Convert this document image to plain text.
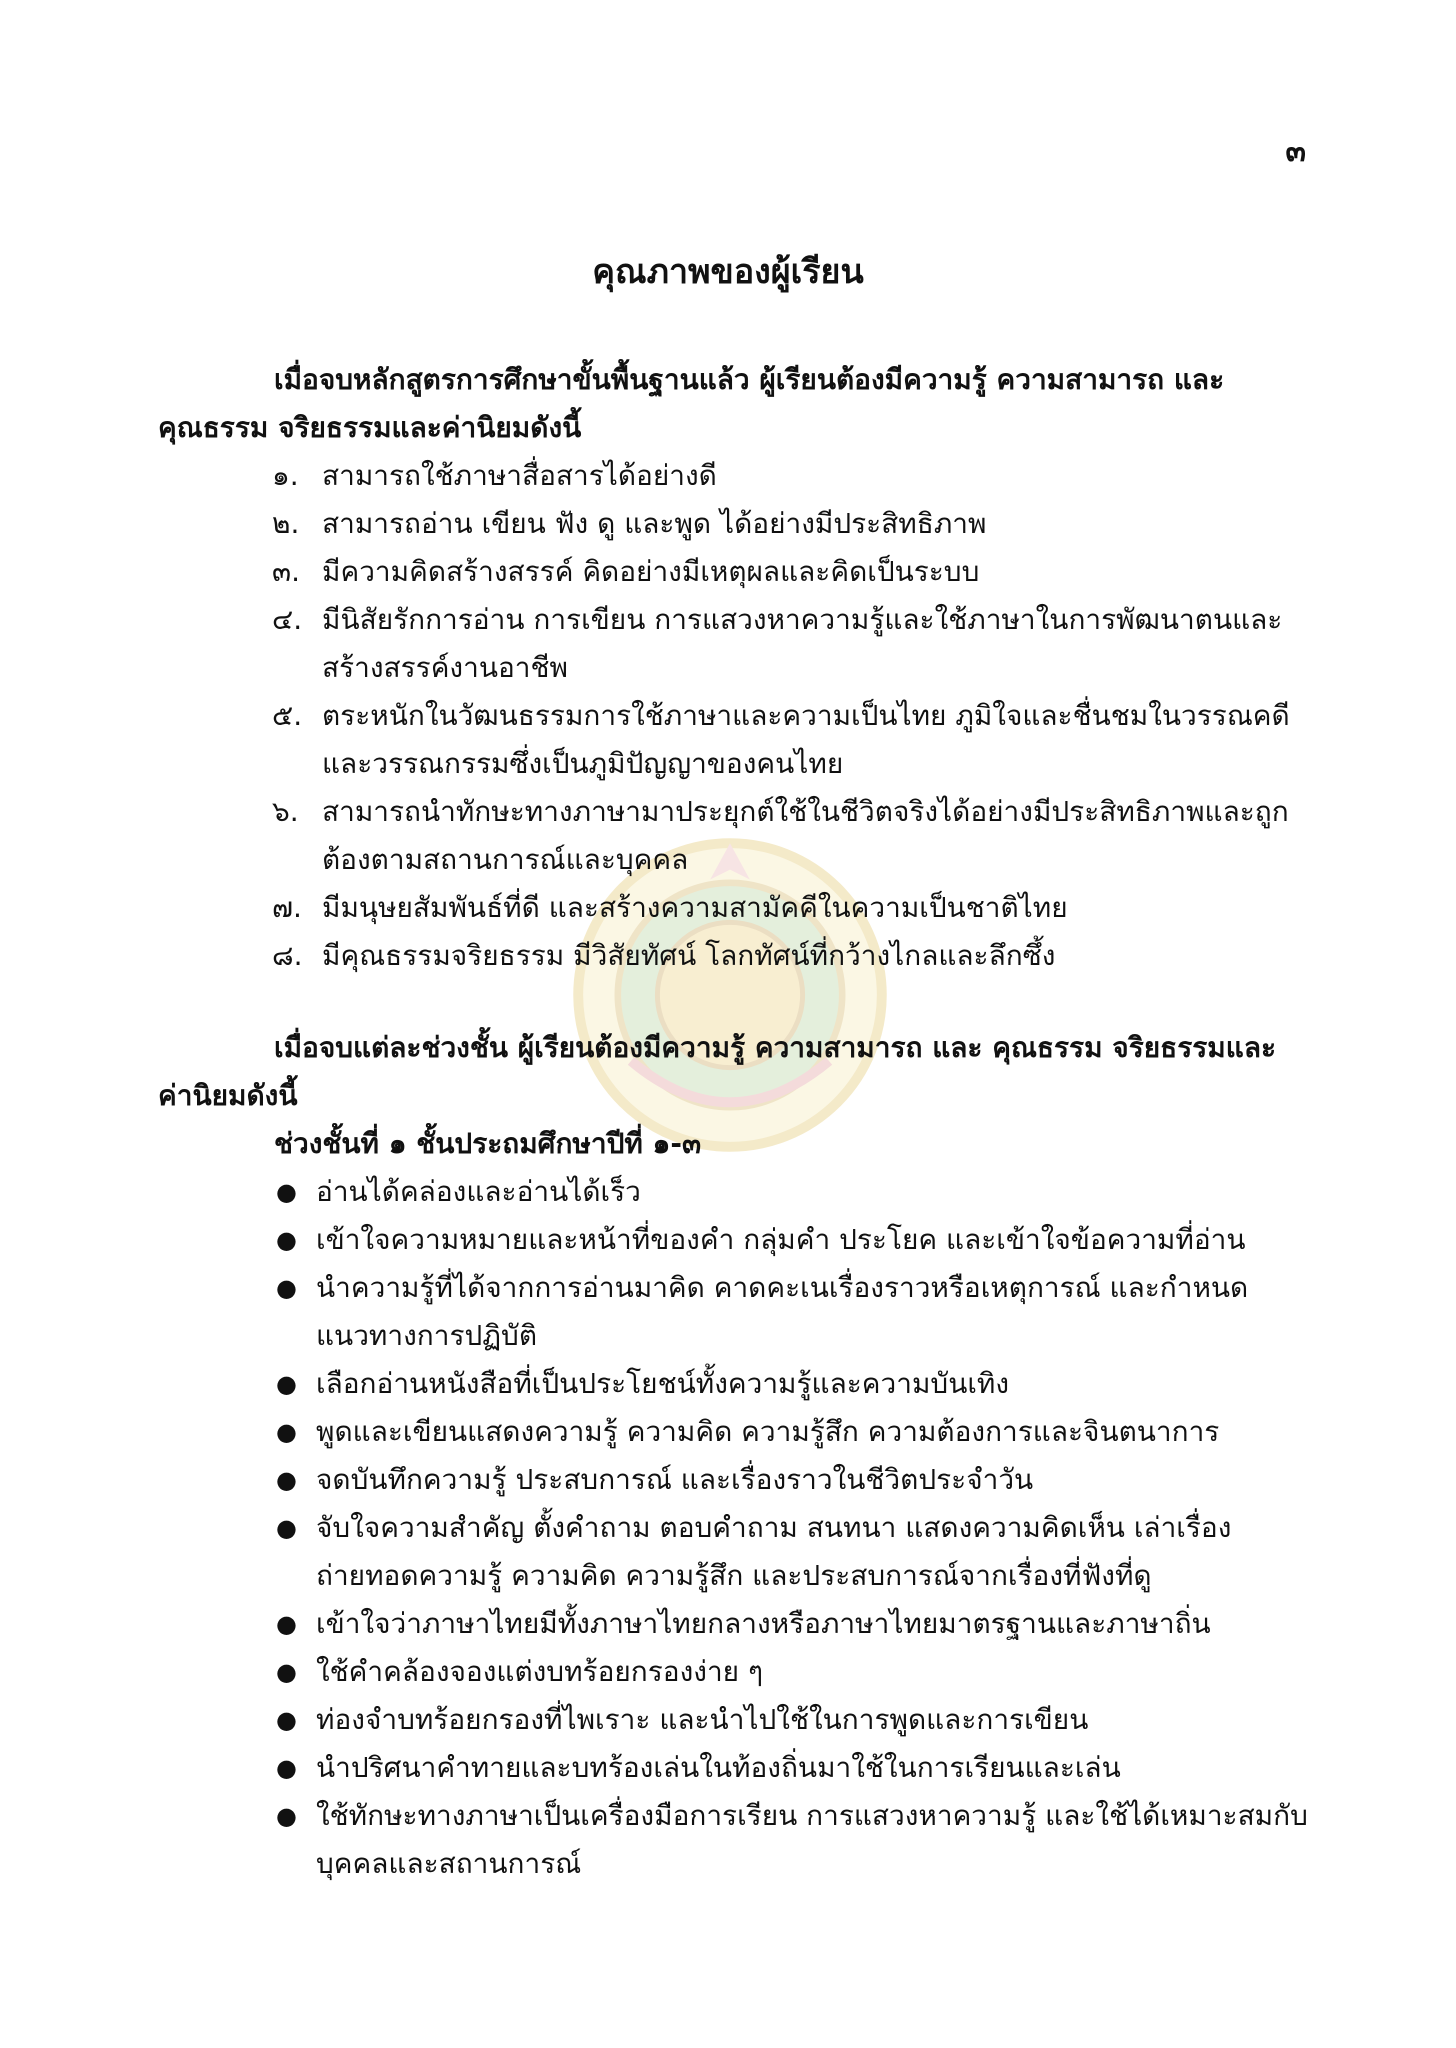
๓
คุณภาพของผู้เรียน

เมื่อจบหลักสูตรการศึกษาขั้นพื้นฐานแล้ว ผู้เรียนต้องมีความรู้ ความสามารถ และคุณธรรม จริยธรรมและค่านิยมดังนี้

๑. สามารถใช้ภาษาสื่อสารได้อย่างดี
๒. สามารถอ่าน เขียน ฟัง ดู และพูด ได้อย่างมีประสิทธิภาพ
๓. มีความคิดสร้างสรรค์ คิดอย่างมีเหตุผลและคิดเป็นระบบ
๔. มีนิสัยรักการอ่าน การเขียน การแสวงหาความรู้และใช้ภาษาในการพัฒนาตนและสร้างสรรค์งานอาชีพ
๕. ตระหนักในวัฒนธรรมการใช้ภาษาและความเป็นไทย ภูมิใจและชื่นชมในวรรณคดีและวรรณกรรมซึ่งเป็นภูมิปัญญาของคนไทย
๖. สามารถนำทักษะทางภาษามาประยุกต์ใช้ในชีวิตจริงได้อย่างมีประสิทธิภาพและถูกต้องตามสถานการณ์และบุคคล
๗. มีมนุษยสัมพันธ์ที่ดี และสร้างความสามัคคีในความเป็นชาติไทย
๘. มีคุณธรรมจริยธรรม มีวิสัยทัศน์ โลกทัศน์ที่กว้างไกลและลึกซึ้ง

เมื่อจบแต่ละช่วงชั้น ผู้เรียนต้องมีความรู้ ความสามารถ และ คุณธรรม จริยธรรมและค่านิยมดังนี้

ช่วงชั้นที่ ๑ ชั้นประถมศึกษาปีที่ ๑-๓

● อ่านได้คล่องและอ่านได้เร็ว
● เข้าใจความหมายและหน้าที่ของคำ กลุ่มคำ ประโยค และเข้าใจข้อความที่อ่าน
● นำความรู้ที่ได้จากการอ่านมาคิด คาดคะเนเรื่องราวหรือเหตุการณ์ และกำหนดแนวทางการปฏิบัติ
● เลือกอ่านหนังสือที่เป็นประโยชน์ทั้งความรู้และความบันเทิง
● พูดและเขียนแสดงความรู้ ความคิด ความรู้สึก ความต้องการและจินตนาการ
● จดบันทึกความรู้ ประสบการณ์ และเรื่องราวในชีวิตประจำวัน
● จับใจความสำคัญ ตั้งคำถาม ตอบคำถาม สนทนา แสดงความคิดเห็น เล่าเรื่องถ่ายทอดความรู้ ความคิด ความรู้สึก และประสบการณ์จากเรื่องที่ฟังที่ดู
● เข้าใจว่าภาษาไทยมีทั้งภาษาไทยกลางหรือภาษาไทยมาตรฐานและภาษาถิ่น
● ใช้คำคล้องจองแต่งบทร้อยกรองง่าย ๆ
● ท่องจำบทร้อยกรองที่ไพเราะ และนำไปใช้ในการพูดและการเขียน
● นำปริศนาคำทายและบทร้องเล่นในท้องถิ่นมาใช้ในการเรียนและเล่น
● ใช้ทักษะทางภาษาเป็นเครื่องมือการเรียน การแสวงหาความรู้ และใช้ได้เหมาะสมกับบุคคลและสถานการณ์
